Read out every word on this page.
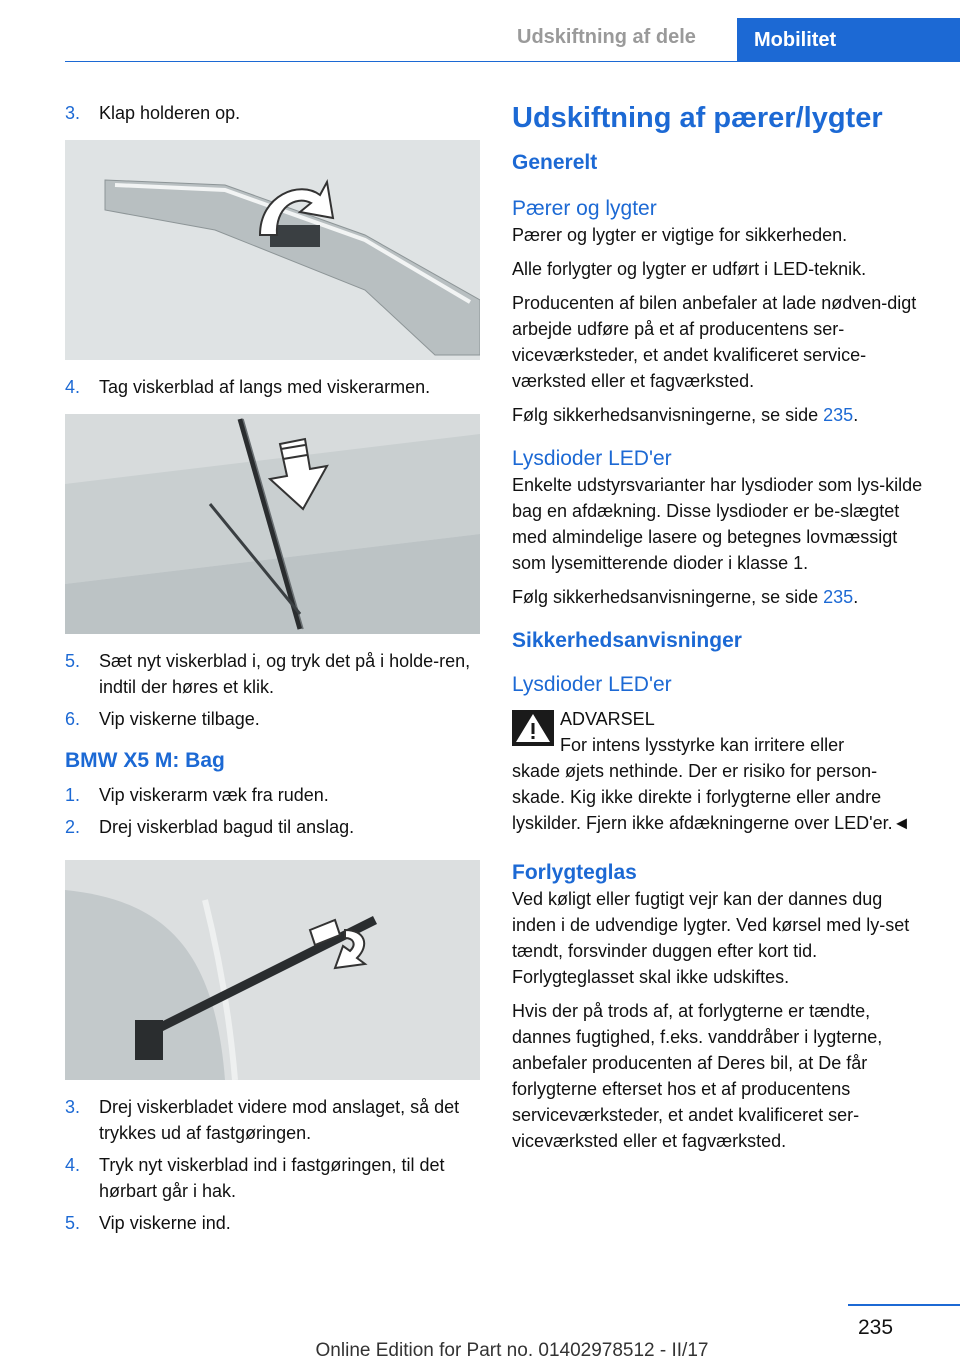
Udskiftning af dele	Mobilitet
3.	Klap holderen op.
4.	Tag viskerblad af langs med viskerarmen.
5.	Sæt nyt viskerblad i, og tryk det på i holde‐ren, indtil der høres et klik.
6.	Vip viskerne tilbage.
BMW X5 M: Bag
1.	Vip viskerarm væk fra ruden.
2.	Drej viskerblad bagud til anslag.
3.	Drej viskerbladet videre mod anslaget, så det trykkes ud af fastgøringen.
4.	Tryk nyt viskerblad ind i fastgøringen, til det hørbart går i hak.
5.	Vip viskerne ind.
Udskiftning af pærer/lygter
Generelt
Pærer og lygter
Pærer og lygter er vigtige for sikkerheden.
Alle forlygter og lygter er udført i LED-teknik.
Producenten af bilen anbefaler at lade nødven‐digt arbejde udføre på et af producentens ser‐viceværksteder, et andet kvalificeret service‐værksted eller et fagværksted.
Følg sikkerhedsanvisningerne, se side 235.
Lysdioder LED'er
Enkelte udstyrsvarianter har lysdioder som lys‐kilde bag en afdækning. Disse lysdioder er be‐slægtet med almindelige lasere og betegnes lovmæssigt som lysemitterende dioder i klasse 1.
Følg sikkerhedsanvisningerne, se side 235.
Sikkerhedsanvisninger
Lysdioder LED'er
ADVARSEL
For intens lysstyrke kan irritere eller
skade øjets nethinde. Der er risiko for person‐skade. Kig ikke direkte i forlygterne eller andre lyskilder. Fjern ikke afdækningerne over LED'er.◄
Forlygteglas
Ved køligt eller fugtigt vejr kan der dannes dug inden i de udvendige lygter. Ved kørsel med ly‐set tændt, forsvinder duggen efter kort tid. Forlygteglasset skal ikke udskiftes.
Hvis der på trods af, at forlygterne er tændte, dannes fugtighed, f.eks. vanddråber i lygterne, anbefaler producenten af Deres bil, at De får forlygterne efterset hos et af producentens serviceværksteder, et andet kvalificeret ser‐viceværksted eller et fagværksted.
235
Online Edition for Part no. 01402978512 - II/17
